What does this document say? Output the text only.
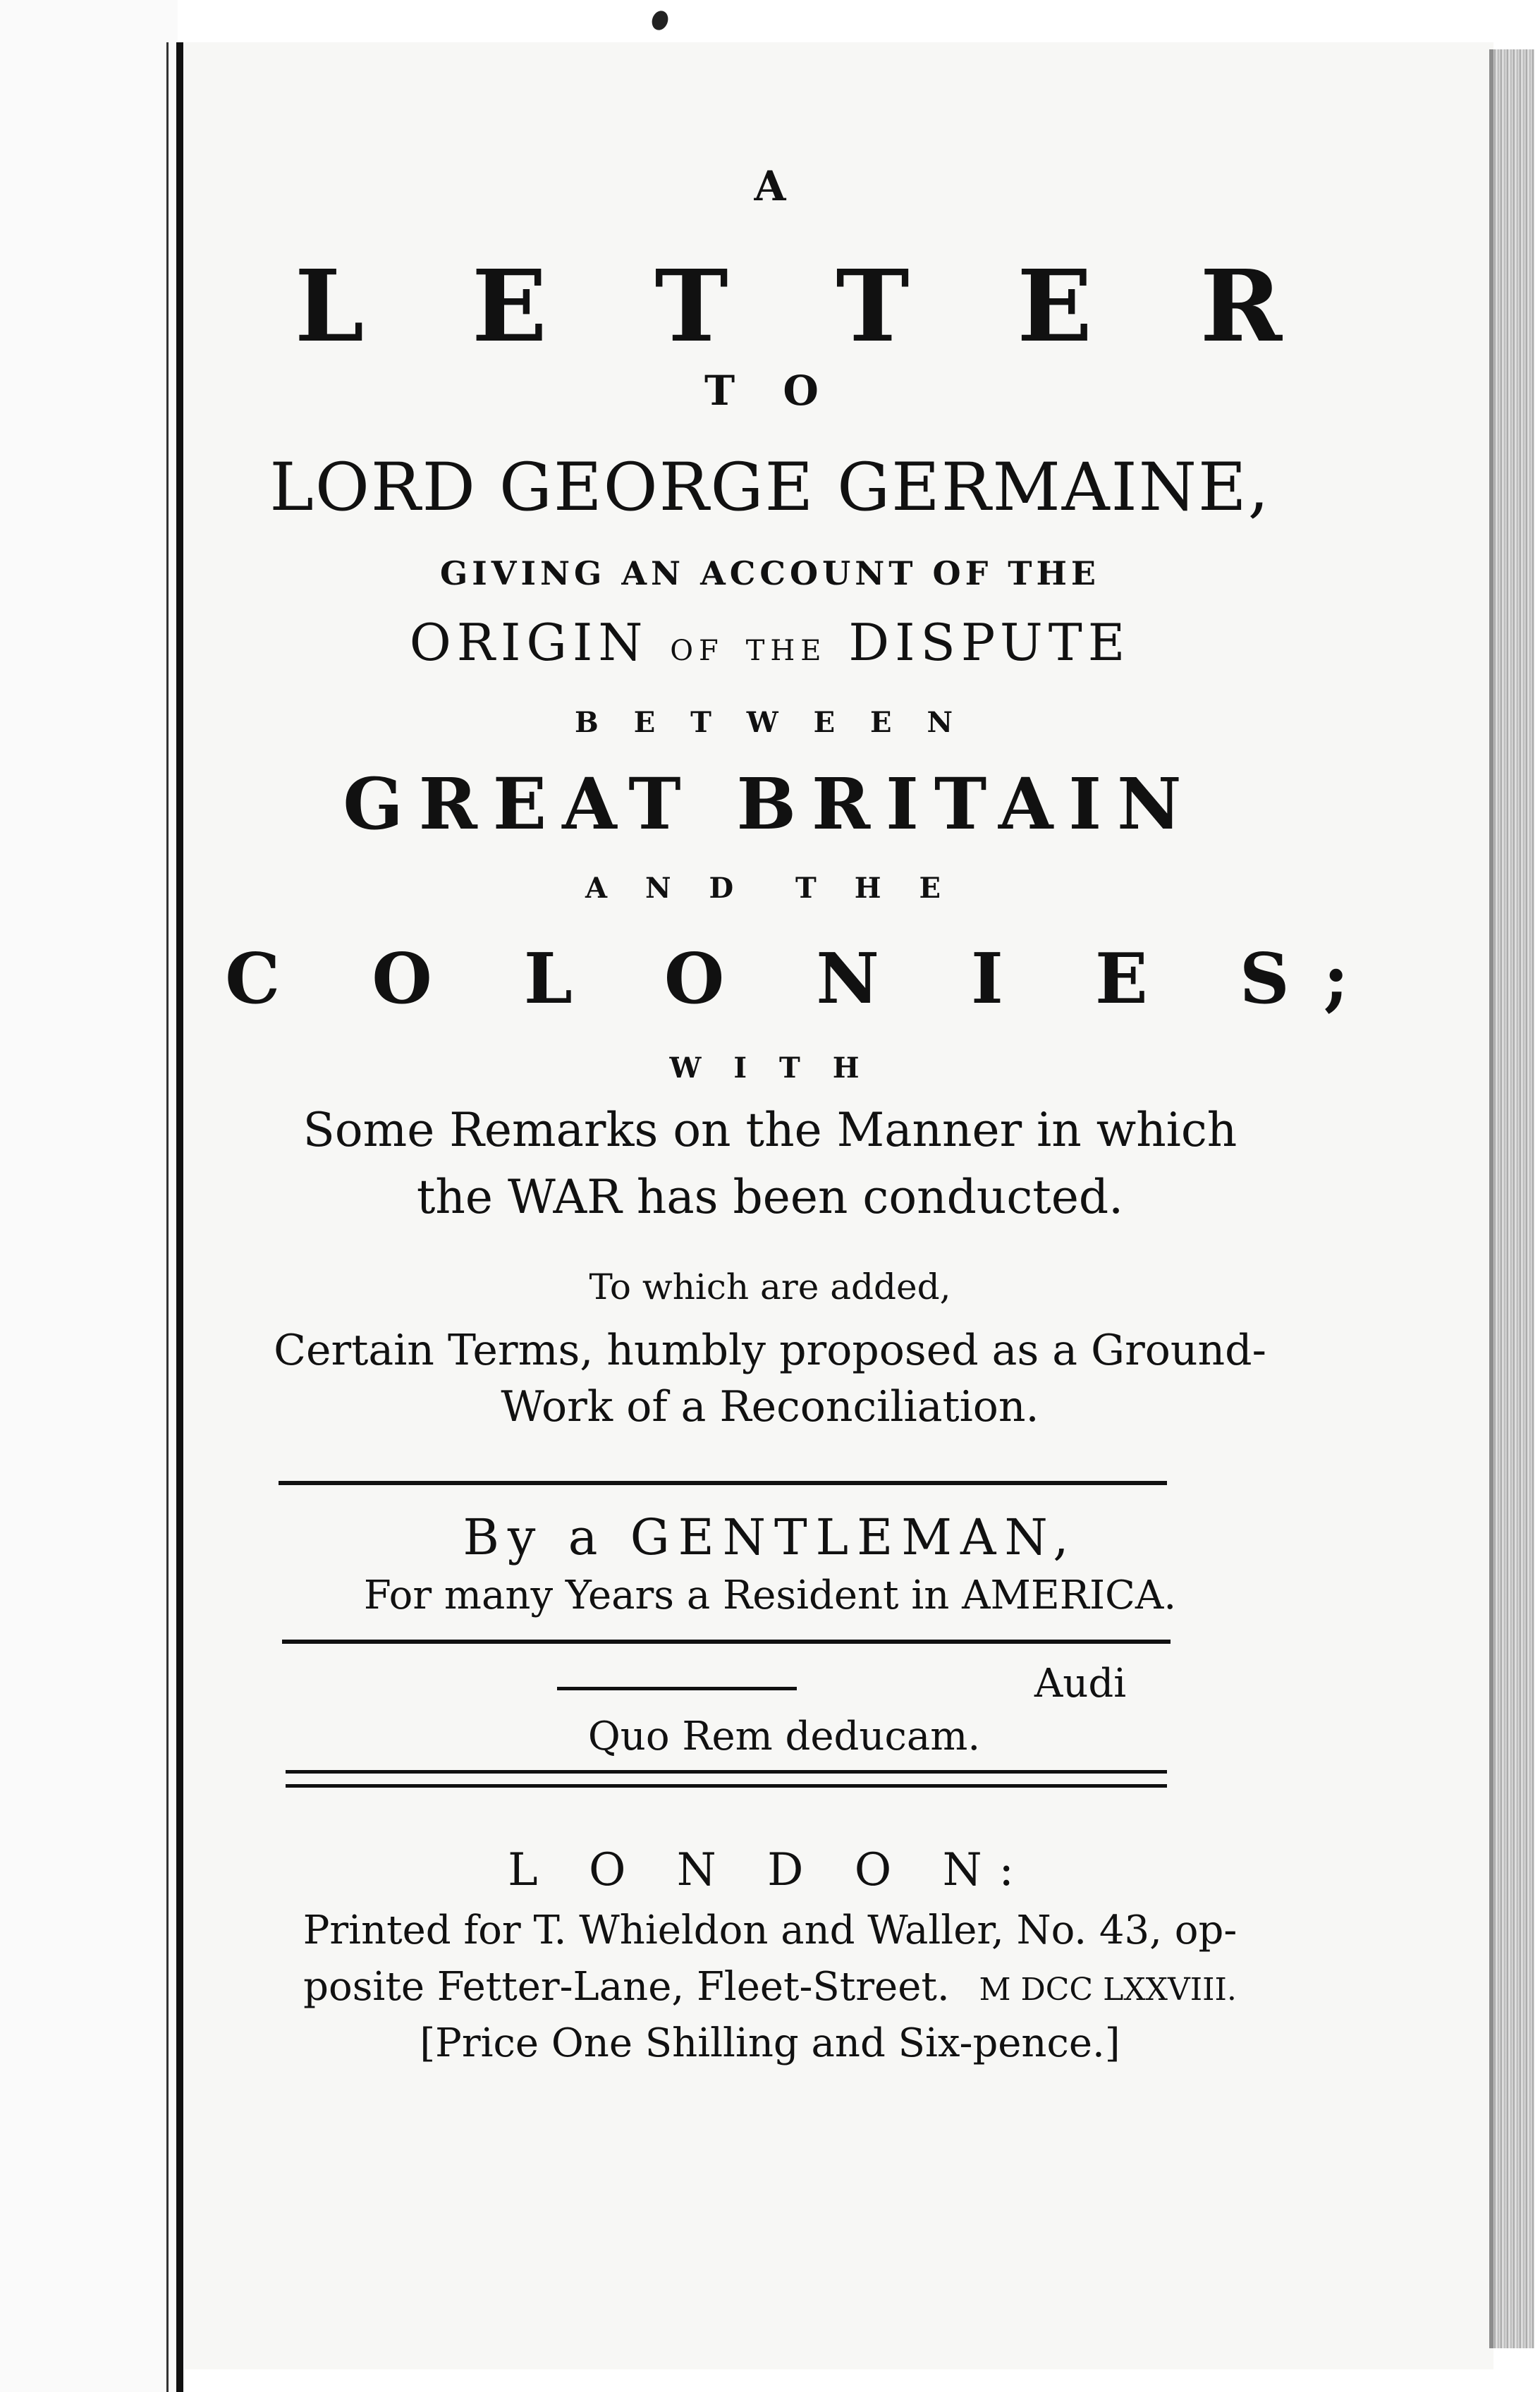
A
L E T T E R
T O
LORD GEORGE GERMAINE,
GIVING AN ACCOUNT OF THE
ORIGIN OF THE DISPUTE
B E T W E E N
GREAT BRITAIN
A N D  T H E
C O L O N I E S;
W I T H
Some Remarks on the Manner in which
the WAR has been conducted.
To which are added,
Certain Terms, humbly proposed as a Ground-
Work of a Reconciliation.
By a GENTLEMAN,
For many Years a Resident in AMERICA.
Audi
Quo Rem deducam.
L O N D O N:
Printed for T. Whieldon and Waller, No. 43, op-
posite Fetter-Lane, Fleet-Street. M DCC LXXVIII.
[Price One Shilling and Six-pence.]
